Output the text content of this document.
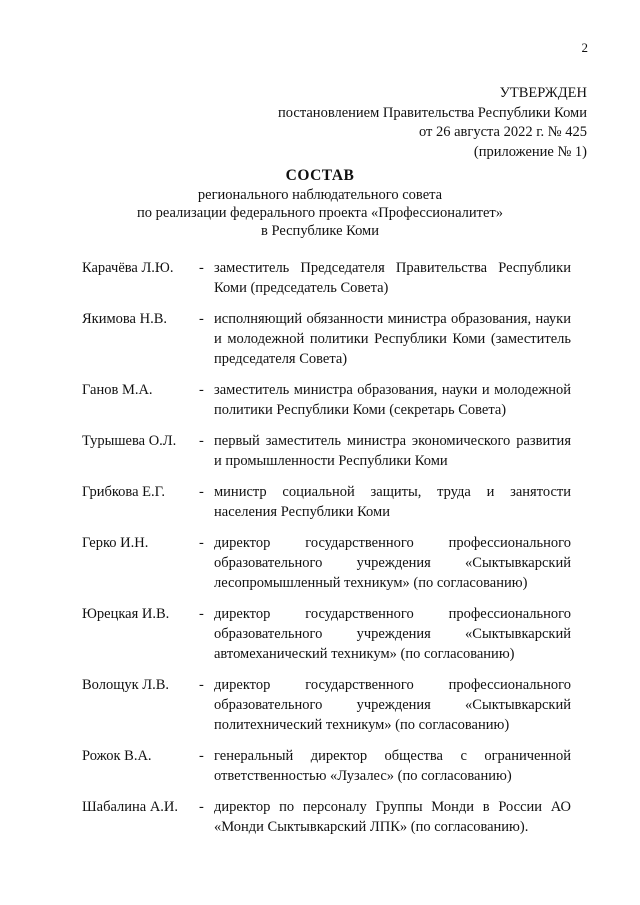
2
УТВЕРЖДЕН
постановлением Правительства Республики Коми
от 26 августа 2022 г. № 425
(приложение № 1)
СОСТАВ
регионального наблюдательного совета
по реализации федерального проекта «Профессионалитет»
в Республике Коми
Карачёва Л.Ю. - заместитель Председателя Правительства Республики Коми (председатель Совета)
Якимова Н.В. - исполняющий обязанности министра образования, науки и молодежной политики Республики Коми (заместитель председателя Совета)
Ганов М.А.	- заместитель министра образования, науки и молодежной политики Республики Коми (секретарь Совета)
Турышева О.Л. - первый заместитель министра экономического развития и промышленности Республики Коми
Грибкова Е.Г. - министр социальной защиты, труда и занятости населения Республики Коми
Герко И.Н.	- директор государственного профессионального образовательного учреждения «Сыктывкарский лесопромышленный техникум» (по согласованию)
Юрецкая И.В. - директор государственного профессионального образовательного учреждения «Сыктывкарский автомеханический техникум» (по согласованию)
Волощук Л.В. - директор государственного профессионального образовательного учреждения «Сыктывкарский политехнический техникум» (по согласованию)
Рожок В.А.	- генеральный директор общества с ограниченной ответственностью «Лузалес» (по согласованию)
Шабалина А.И. - директор по персоналу Группы Монди в России АО «Монди Сыктывкарский ЛПК» (по согласованию).
